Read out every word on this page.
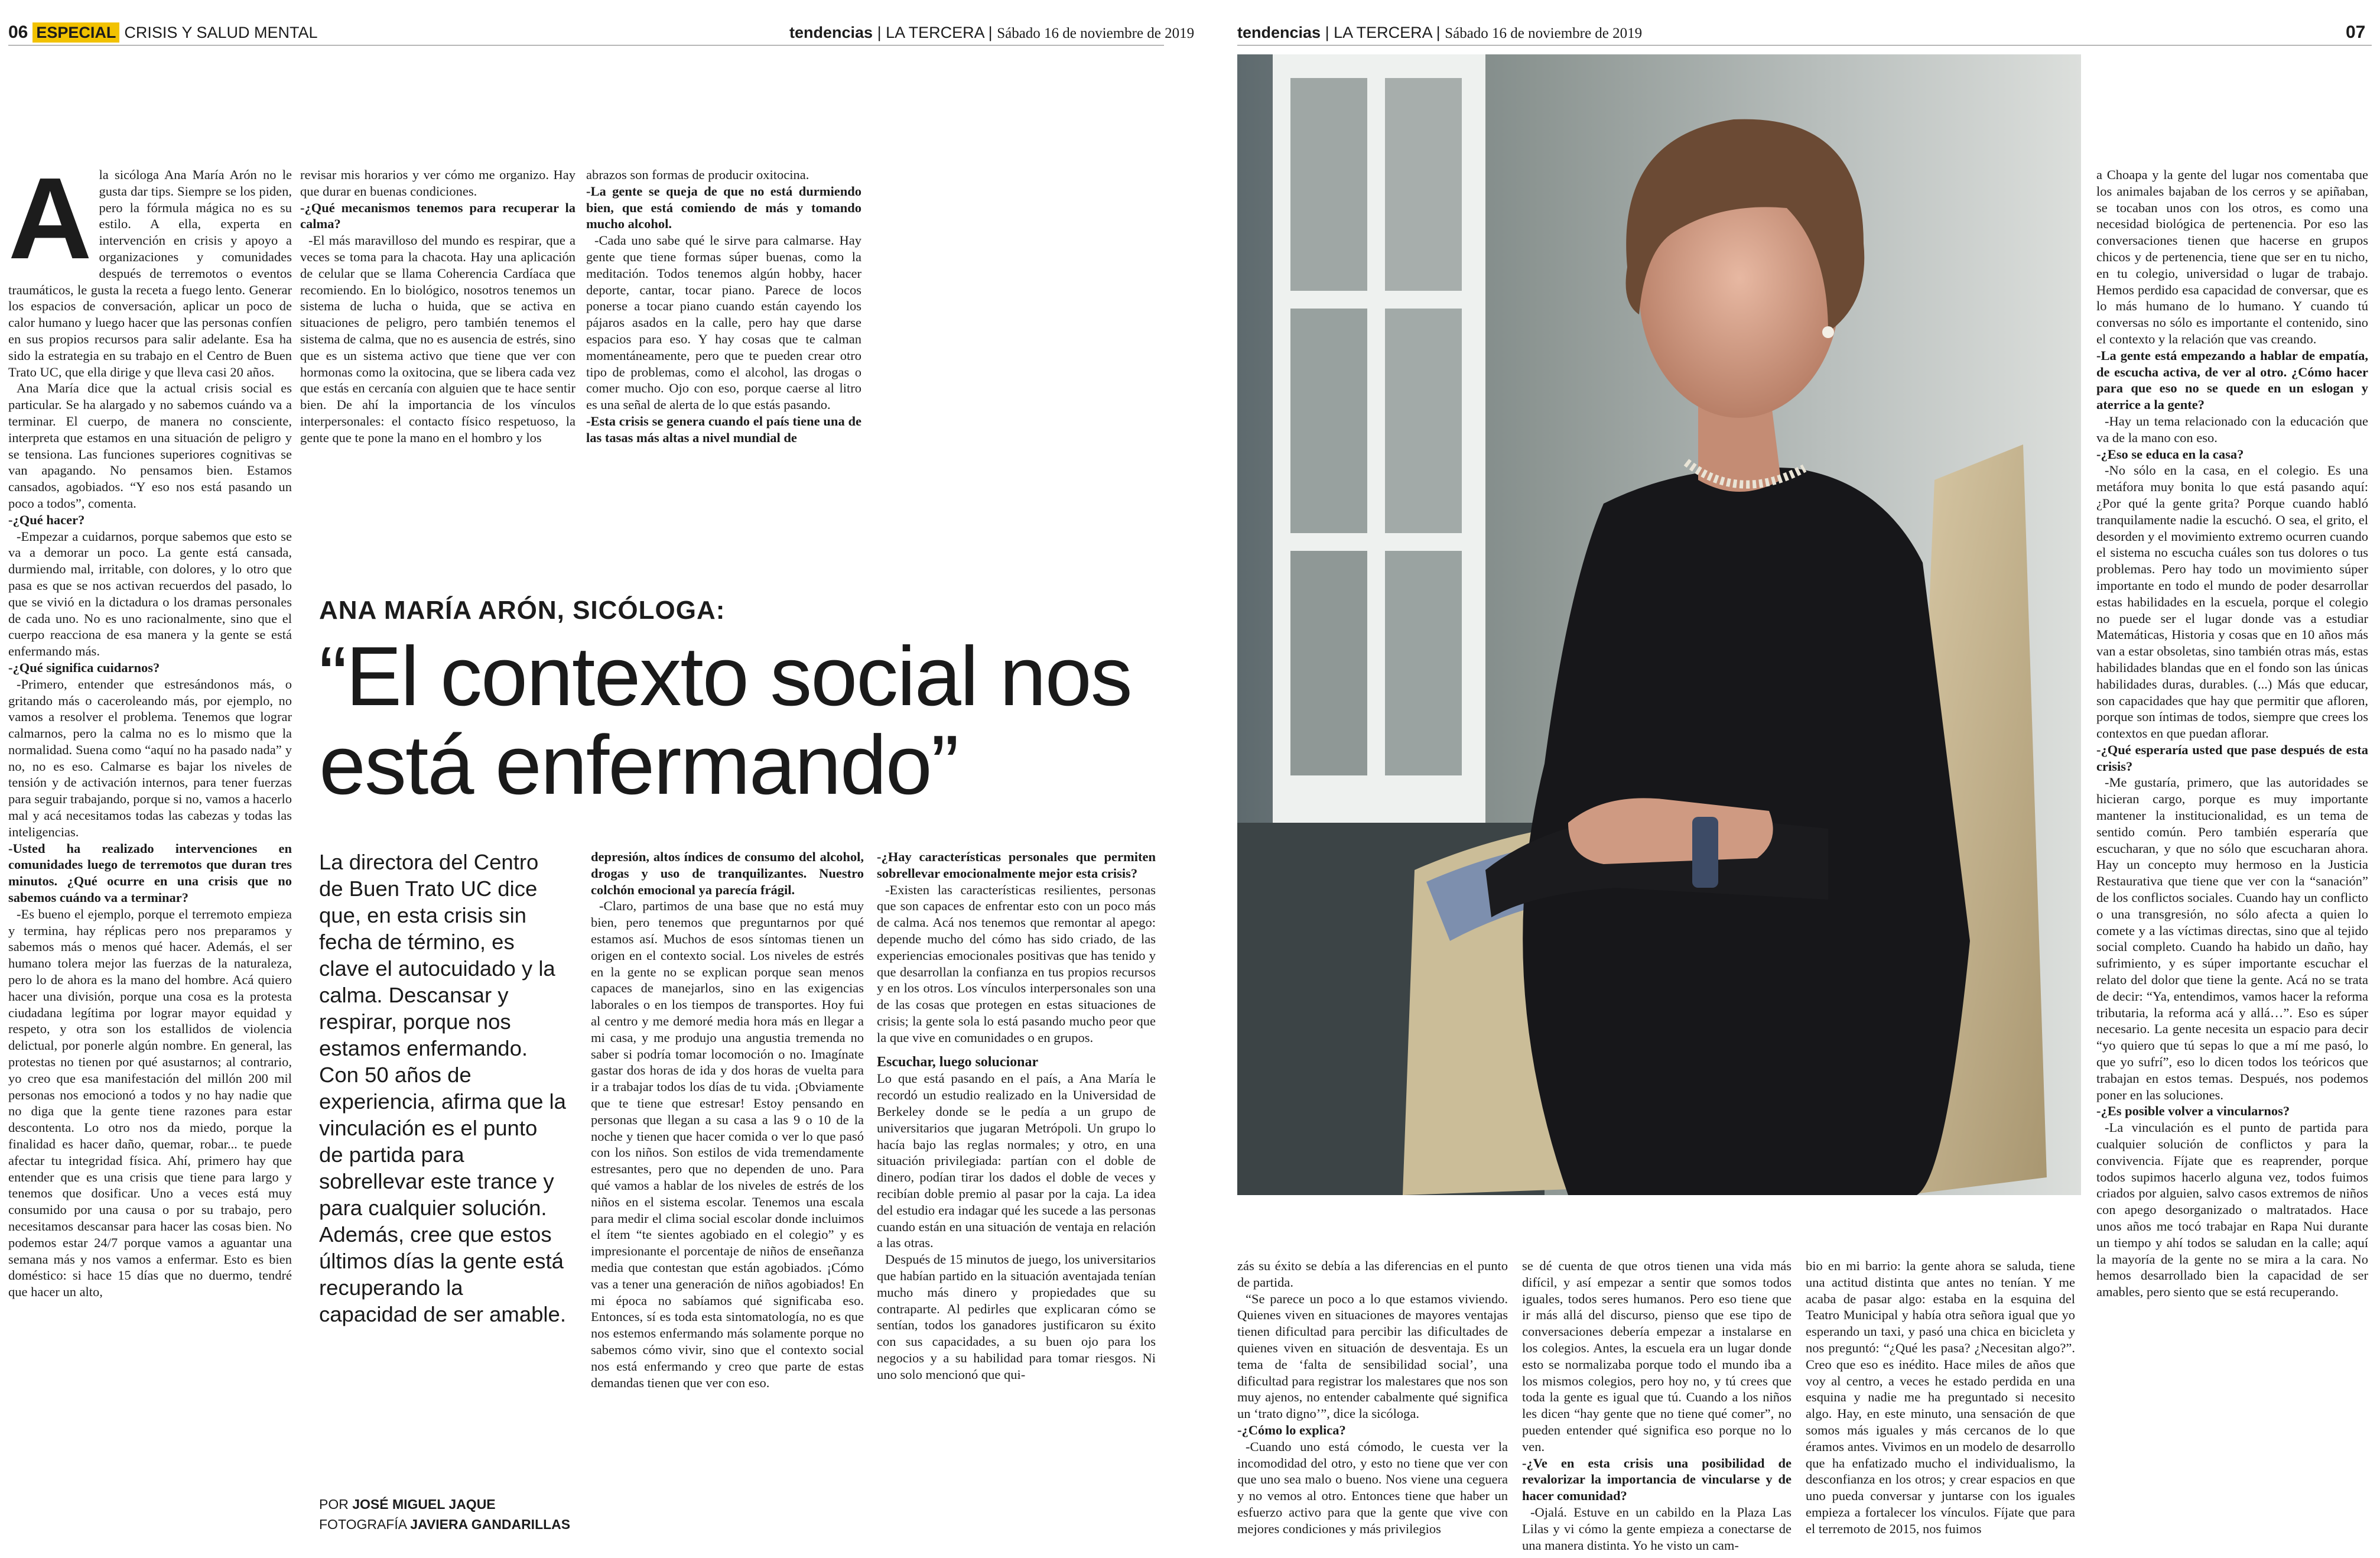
06 ESPECIAL CRISIS Y SALUD MENTAL	tendencias | LA TERCERA | Sábado 16 de noviembre de 2019
A la sicóloga Ana María Arón no le gusta dar tips. Siempre se los piden, pero la fórmula mágica no es su estilo. A ella, experta en intervención en crisis y apoyo a organizaciones y comunidades después de terremotos o eventos traumáticos, le gusta la receta a fuego lento. Generar los espacios de conversación, aplicar un poco de calor humano y luego hacer que las personas confíen en sus propios recursos para salir adelante. Esa ha sido la estrategia en su trabajo en el Centro de Buen Trato UC, que ella dirige y que lleva casi 20 años.

Ana María dice que la actual crisis social es particular. Se ha alargado y no sabemos cuándo va a terminar. El cuerpo, de manera no consciente, interpreta que estamos en una situación de peligro y se tensiona. Las funciones superiores cognitivas se van apagando. No pensamos bien. Estamos cansados, agobiados. “Y eso nos está pasando un poco a todos”, comenta.

-¿Qué hacer?

-Empezar a cuidarnos, porque sabemos que esto se va a demorar un poco. La gente está cansada, durmiendo mal, irritable, con dolores, y lo otro que pasa es que se nos activan recuerdos del pasado, lo que se vivió en la dictadura o los dramas personales de cada uno. No es uno racionalmente, sino que el cuerpo reacciona de esa manera y la gente se está enfermando más.

-¿Qué significa cuidarnos?

-Primero, entender que estresándonos más, o gritando más o caceroleando más, por ejemplo, no vamos a resolver el problema. Tenemos que lograr calmarnos, pero la calma no es lo mismo que la normalidad. Suena como “aquí no ha pasado nada” y no, no es eso. Calmarse es bajar los niveles de tensión y de activación internos, para tener fuerzas para seguir trabajando, porque si no, vamos a hacerlo mal y acá necesitamos todas las cabezas y todas las inteligencias.

-Usted ha realizado intervenciones en comunidades luego de terremotos que duran tres minutos. ¿Qué ocurre en una crisis que no sabemos cuándo va a terminar?

-Es bueno el ejemplo, porque el terremoto empieza y termina, hay réplicas pero nos preparamos y sabemos más o menos qué hacer. Además, el ser humano tolera mejor las fuerzas de la naturaleza, pero lo de ahora es la mano del hombre. Acá quiero hacer una división, porque una cosa es la protesta ciudadana legítima por lograr mayor equidad y respeto, y otra son los estallidos de violencia delictual, por ponerle algún nombre. En general, las protestas no tienen por qué asustarnos; al contrario, yo creo que esa manifestación del millón 200 mil personas nos emocionó a todos y no hay nadie que no diga que la gente tiene razones para estar descontenta. Lo otro nos da miedo, porque la finalidad es hacer daño, quemar, robar... te puede afectar tu integridad física. Ahí, primero hay que entender que es una crisis que tiene para largo y tenemos que dosificar. Uno a veces está muy consumido por una causa o por su trabajo, pero necesitamos descansar para hacer las cosas bien. No podemos estar 24/7 porque vamos a aguantar una semana más y nos vamos a enfermar. Esto es bien doméstico: si hace 15 días que no duermo, tendré que hacer un alto,

revisar mis horarios y ver cómo me organizo. Hay que durar en buenas condiciones.

-¿Qué mecanismos tenemos para recuperar la calma?

-El más maravilloso del mundo es respirar, que a veces se toma para la chacota. Hay una aplicación de celular que se llama Coherencia Cardíaca que recomiendo. En lo biológico, nosotros tenemos un sistema de lucha o huida, que se activa en situaciones de peligro, pero también tenemos el sistema de calma, que no es ausencia de estrés, sino que es un sistema activo que tiene que ver con hormonas como la oxitocina, que se libera cada vez que estás en cercanía con alguien que te hace sentir bien. De ahí la importancia de los vínculos interpersonales: el contacto físico respetuoso, la gente que te pone la mano en el hombro y los

abrazos son formas de producir oxitocina.

-La gente se queja de que no está durmiendo bien, que está comiendo de más y tomando mucho alcohol.

-Cada uno sabe qué le sirve para calmarse. Hay gente que tiene formas súper buenas, como la meditación. Todos tenemos algún hobby, hacer deporte, cantar, tocar piano. Parece de locos ponerse a tocar piano cuando están cayendo los pájaros asados en la calle, pero hay que darse espacios para eso. Y hay cosas que te calman momentáneamente, pero que te pueden crear otro tipo de problemas, como el alcohol, las drogas o comer mucho. Ojo con eso, porque caerse al litro es una señal de alerta de lo que estás pasando.

-Esta crisis se genera cuando el país tiene una de las tasas más altas a nivel mundial de

ANA MARÍA ARÓN, SICÓLOGA:
“El contexto social nos está enfermando”
La directora del Centro de Buen Trato UC dice que, en esta crisis sin fecha de término, es clave el autocuidado y la calma. Descansar y respirar, porque nos estamos enfermando. Con 50 años de experiencia, afirma que la vinculación es el punto de partida para sobrellevar este trance y para cualquier solución. Además, cree que estos últimos días la gente está recuperando la capacidad de ser amable.
POR JOSÉ MIGUEL JAQUE
FOTOGRAFÍA JAVIERA GANDARILLAS

depresión, altos índices de consumo del alcohol, drogas y uso de tranquilizantes. Nuestro colchón emocional ya parecía frágil.

-Claro, partimos de una base que no está muy bien, pero tenemos que preguntarnos por qué estamos así. Muchos de esos síntomas tienen un origen en el contexto social. Los niveles de estrés en la gente no se explican porque sean menos capaces de manejarlos, sino en las exigencias laborales o en los tiempos de transportes. Hoy fui al centro y me demoré media hora más en llegar a mi casa, y me produjo una angustia tremenda no saber si podría tomar locomoción o no. Imagínate gastar dos horas de ida y dos horas de vuelta para ir a trabajar todos los días de tu vida. ¡Obviamente que te tiene que estresar! Estoy pensando en personas que llegan a su casa a las 9 o 10 de la noche y tienen que hacer comida o ver lo que pasó con los niños. Son estilos de vida tremendamente estresantes, pero que no dependen de uno. Para qué vamos a hablar de los niveles de estrés de los niños en el sistema escolar. Tenemos una escala para medir el clima social escolar donde incluimos el ítem “te sientes agobiado en el colegio” y es impresionante el porcentaje de niños de enseñanza media que contestan que están agobiados. ¡Cómo vas a tener una generación de niños agobiados! En mi época no sabíamos qué significaba eso. Entonces, sí es toda esta sintomatología, no es que nos estemos enfermando más solamente porque no sabemos cómo vivir, sino que el contexto social nos está enfermando y creo que parte de estas demandas tienen que ver con eso.

-¿Hay características personales que permiten sobrellevar emocionalmente mejor esta crisis?

-Existen las características resilientes, personas que son capaces de enfrentar esto con un poco más de calma. Acá nos tenemos que remontar al apego: depende mucho del cómo has sido criado, de las experiencias emocionales positivas que has tenido y que desarrollan la confianza en tus propios recursos y en los otros. Los vínculos interpersonales son una de las cosas que protegen en estas situaciones de crisis; la gente sola lo está pasando mucho peor que la que vive en comunidades o en grupos.

Escuchar, luego solucionar

Lo que está pasando en el país, a Ana María le recordó un estudio realizado en la Universidad de Berkeley donde se le pedía a un grupo de universitarios que jugaran Metrópoli. Un grupo lo hacía bajo las reglas normales; y otro, en una situación privilegiada: partían con el doble de dinero, podían tirar los dados el doble de veces y recibían doble premio al pasar por la caja. La idea del estudio era indagar qué les sucede a las personas cuando están en una situación de ventaja en relación a las otras.

Después de 15 minutos de juego, los universitarios que habían partido en la situación aventajada tenían mucho más dinero y propiedades que su contraparte. Al pedirles que explicaran cómo se sentían, todos los ganadores justificaron su éxito con sus capacidades, a su buen ojo para los negocios y a su habilidad para tomar riesgos. Ni uno solo mencionó que qui-

tendencias | LA TERCERA | Sábado 16 de noviembre de 2019	07

zás su éxito se debía a las diferencias en el punto de partida.

“Se parece un poco a lo que estamos viviendo. Quienes viven en situaciones de mayores ventajas tienen dificultad para percibir las dificultades de quienes viven en situación de desventaja. Es un tema de ‘falta de sensibilidad social’, una dificultad para registrar los malestares que nos son muy ajenos, no entender cabalmente qué significa un ‘trato digno’”, dice la sicóloga.

-¿Cómo lo explica?

-Cuando uno está cómodo, le cuesta ver la incomodidad del otro, y esto no tiene que ver con que uno sea malo o bueno. Nos viene una ceguera y no vemos al otro. Entonces tiene que haber un esfuerzo activo para que la gente que vive con mejores condiciones y más privilegios

se dé cuenta de que otros tienen una vida más difícil, y así empezar a sentir que somos todos iguales, todos seres humanos. Pero eso tiene que ir más allá del discurso, pienso que ese tipo de conversaciones debería empezar a instalarse en los colegios. Antes, la escuela era un lugar donde esto se normalizaba porque todo el mundo iba a los mismos colegios, pero hoy no, y tú crees que toda la gente es igual que tú. Cuando a los niños les dicen “hay gente que no tiene qué comer”, no pueden entender qué significa eso porque no lo ven.

-¿Ve en esta crisis una posibilidad de revalorizar la importancia de vincularse y de hacer comunidad?

-Ojalá. Estuve en un cabildo en la Plaza Las Lilas y vi cómo la gente empieza a conectarse de una manera distinta. Yo he visto un cam-

bio en mi barrio: la gente ahora se saluda, tiene una actitud distinta que antes no tenían. Y me acaba de pasar algo: estaba en la esquina del Teatro Municipal y había otra señora igual que yo esperando un taxi, y pasó una chica en bicicleta y nos preguntó: “¿Qué les pasa? ¿Necesitan algo?”. Creo que eso es inédito. Hace miles de años que voy al centro, a veces he estado perdida en una esquina y nadie me ha preguntado si necesito algo. Hay, en este minuto, una sensación de que somos más iguales y más cercanos de lo que éramos antes. Vivimos en un modelo de desarrollo que ha enfatizado mucho el individualismo, la desconfianza en los otros; y crear espacios en que uno pueda conversar y juntarse con los iguales empieza a fortalecer los vínculos. Fíjate que para el terremoto de 2015, nos fuimos

a Choapa y la gente del lugar nos comentaba que los animales bajaban de los cerros y se apiñaban, se tocaban unos con los otros, es como una necesidad biológica de pertenencia. Por eso las conversaciones tienen que hacerse en grupos chicos y de pertenencia, tiene que ser en tu nicho, en tu colegio, universidad o lugar de trabajo. Hemos perdido esa capacidad de conversar, que es lo más humano de lo humano. Y cuando tú conversas no sólo es importante el contenido, sino el contexto y la relación que vas creando.

-La gente está empezando a hablar de empatía, de escucha activa, de ver al otro. ¿Cómo hacer para que eso no se quede en un eslogan y aterrice a la gente?

-Hay un tema relacionado con la educación que va de la mano con eso.

-¿Eso se educa en la casa?

-No sólo en la casa, en el colegio. Es una metáfora muy bonita lo que está pasando aquí: ¿Por qué la gente grita? Porque cuando habló tranquilamente nadie la escuchó. O sea, el grito, el desorden y el movimiento extremo ocurren cuando el sistema no escucha cuáles son tus dolores o tus problemas. Pero hay todo un movimiento súper importante en todo el mundo de poder desarrollar estas habilidades en la escuela, porque el colegio no puede ser el lugar donde vas a estudiar Matemáticas, Historia y cosas que en 10 años más van a estar obsoletas, sino también otras más, estas habilidades blandas que en el fondo son las únicas habilidades duras, durables. (...) Más que educar, son capacidades que hay que permitir que afloren, porque son íntimas de todos, siempre que crees los contextos en que puedan aflorar.

-¿Qué esperaría usted que pase después de esta crisis?

-Me gustaría, primero, que las autoridades se hicieran cargo, porque es muy importante mantener la institucionalidad, es un tema de sentido común. Pero también esperaría que escucharan, y que no sólo que escucharan ahora. Hay un concepto muy hermoso en la Justicia Restaurativa que tiene que ver con la “sanación” de los conflictos sociales. Cuando hay un conflicto o una transgresión, no sólo afecta a quien lo comete y a las víctimas directas, sino que al tejido social completo. Cuando ha habido un daño, hay sufrimiento, y es súper importante escuchar el relato del dolor que tiene la gente. Acá no se trata de decir: “Ya, entendimos, vamos hacer la reforma tributaria, la reforma acá y allá…”. Eso es súper necesario. La gente necesita un espacio para decir “yo quiero que tú sepas lo que a mí me pasó, lo que yo sufrí”, eso lo dicen todos los teóricos que trabajan en estos temas. Después, nos podemos poner en las soluciones.

-¿Es posible volver a vincularnos?

-La vinculación es el punto de partida para cualquier solución de conflictos y para la convivencia. Fíjate que es reaprender, porque todos supimos hacerlo alguna vez, todos fuimos criados por alguien, salvo casos extremos de niños con apego desorganizado o maltratados. Hace unos años me tocó trabajar en Rapa Nui durante un tiempo y ahí todos se saludan en la calle; aquí la mayoría de la gente no se mira a la cara. No hemos desarrollado bien la capacidad de ser amables, pero siento que se está recuperando.
